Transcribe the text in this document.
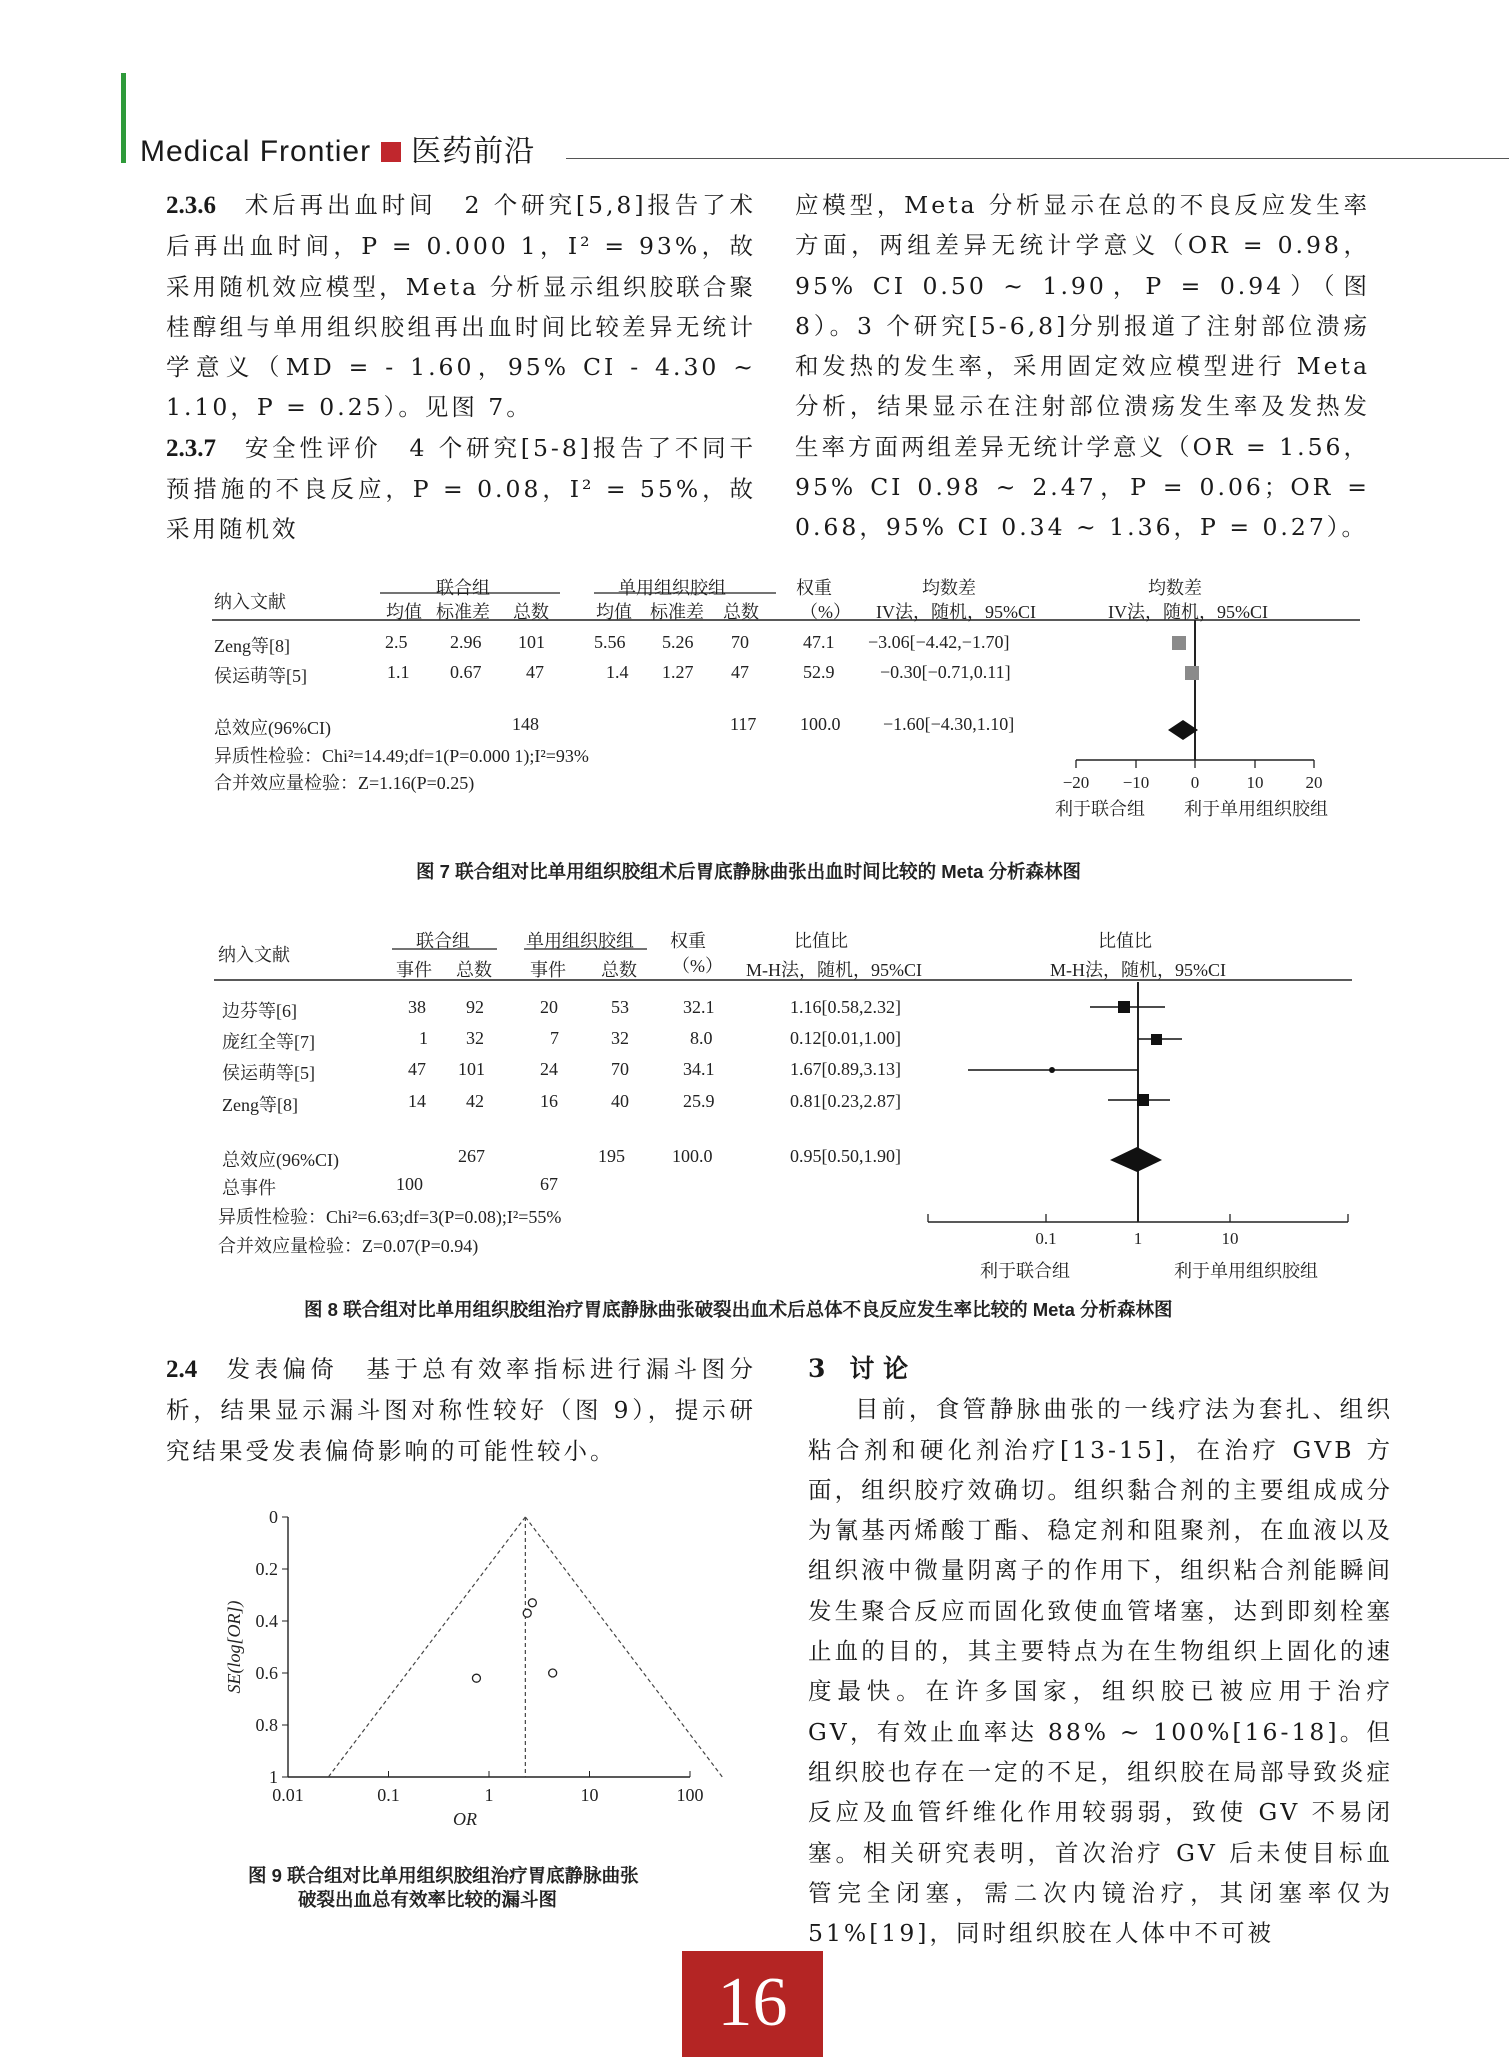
Medical Frontier 医药前沿

2.3.6 术后再出血时间 2 个研究[5,8]报告了术后再出血时间，P = 0.000 1，I² = 93%，故采用随机效应模型，Meta 分析显示组织胶联合聚桂醇组与单用组织胶组再出血时间比较差异无统计学意义（MD = - 1.60，95% CI - 4.30 ~ 1.10，P = 0.25）。见图 7。

2.3.7 安全性评价 4 个研究[5-8]报告了不同干预措施的不良反应，P = 0.08，I² = 55%，故采用随机效

应模型，Meta 分析显示在总的不良反应发生率方面，两组差异无统计学意义（OR = 0.98，95% CI 0.50 ~ 1.90，P = 0.94）（图 8）。3 个研究[5-6,8]分别报道了注射部位溃疡和发热的发生率，采用固定效应模型进行 Meta 分析，结果显示在注射部位溃疡发生率及发热发生率方面两组差异无统计学意义（OR = 1.56，95% CI 0.98 ~ 2.47，P = 0.06；OR = 0.68，95% CI 0.34 ~ 1.36，P = 0.27）。

纳入文献
联合组	单用组织胶组	权重
（%）
均数差
IV法，随机，95%CI
均数差
IV法，随机，95%CI
均值 标准差 总数	均值 标准差 总数
Zeng等[8]	2.5 2.96 101	5.56 5.26 70	47.1 −3.06[−4.42,−1.70]
侯运萌等[5]	1.1 0.67 47	1.4 1.27 47	52.9	−0.30[−0.71,0.11]
总效应(96%CI)	148	117 100.0 −1.60[−4.30,1.10]
异质性检验：Chi²=14.49;df=1(P=0.000 1);I²=93%
合并效应量检验：Z=1.16(P=0.25)	−20 −10 0	10 20
利于联合组 利于单用组织胶组
图 7 联合组对比单用组织胶组术后胃底静脉曲张出血时间比较的 Meta 分析森林图
纳入文献
联合组	单用组织胶组 权重
（%）
比值比
M-H法，随机，95%CI
比值比
M-H法，随机，95%CI
事件 总数 事件 总数
边芬等[6]	38 92	20	53	32.1	1.16[0.58,2.32]
庞红全等[7]	1 32	7	32	8.0	0.12[0.01,1.00]
侯运萌等[5]	47 101	24	70	34.1	1.67[0.89,3.13]
Zeng等[8]	14 42	16	40	25.9	0.81[0.23,2.87]
总效应(96%CI)	267	195	100.0	0.95[0.50,1.90]
总事件	100	67
异质性检验：Chi²=6.63;df=3(P=0.08);I²=55%
合并效应量检验：Z=0.07(P=0.94)	0.1	1	10
利于联合组	利于单用组织胶组
图 8 联合组对比单用组织胶组治疗胃底静脉曲张破裂出血术后总体不良反应发生率比较的 Meta 分析森林图

2.4 发表偏倚 基于总有效率指标进行漏斗图分析，结果显示漏斗图对称性较好（图 9），提示研究结果受发表偏倚影响的可能性较小。

0
0.2
0.4
0.6
0.8
1
0.01	0.1	1	10	100
OR
SE(log[OR])
图 9 联合组对比单用组织胶组治疗胃底静脉曲张
破裂出血总有效率比较的漏斗图

3 讨 论

目前，食管静脉曲张的一线疗法为套扎、组织粘合剂和硬化剂治疗[13-15]，在治疗 GVB 方面，组织胶疗效确切。组织黏合剂的主要组成成分为氰基丙烯酸丁酯、稳定剂和阻聚剂，在血液以及组织液中微量阴离子的作用下，组织粘合剂能瞬间发生聚合反应而固化致使血管堵塞，达到即刻栓塞止血的目的，其主要特点为在生物组织上固化的速度最快。在许多国家，组织胶已被应用于治疗 GV，有效止血率达 88% ~ 100%[16-18]。但组织胶也存在一定的不足，组织胶在局部导致炎症反应及血管纤维化作用较弱弱，致使 GV 不易闭塞。相关研究表明，首次治疗 GV 后未使目标血管完全闭塞，需二次内镜治疗，其闭塞率仅为 51%[19]，同时组织胶在人体中不可被

16
